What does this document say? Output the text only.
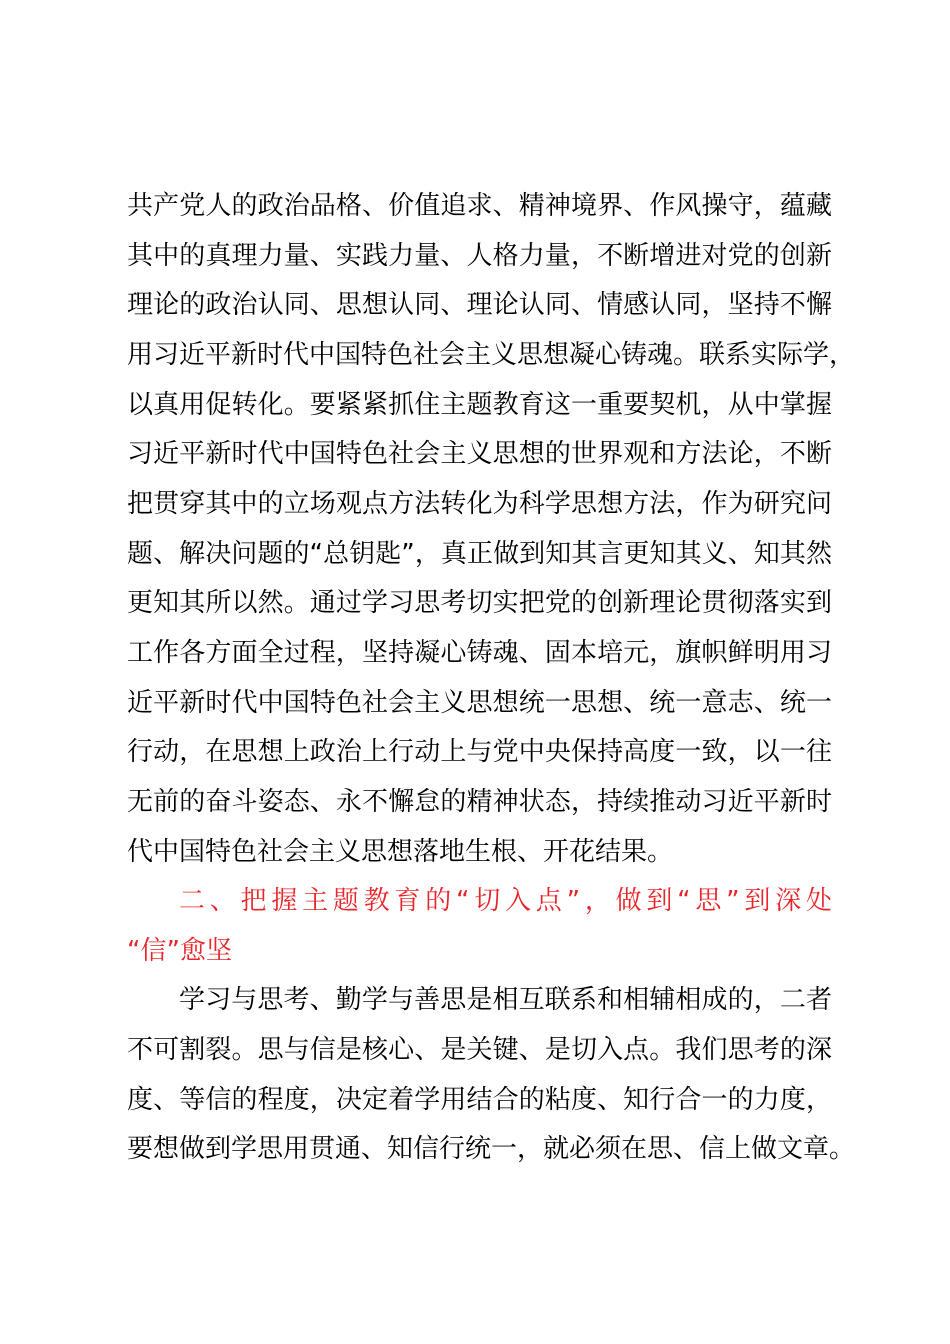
共产党人的政治品格、价值追求、精神境界、作风操守，蕴藏
其中的真理力量、实践力量、人格力量，不断增进对党的创新
理论的政治认同、思想认同、理论认同、情感认同，坚持不懈
用习近平新时代中国特色社会主义思想凝心铸魂。联系实际学，
以真用促转化。要紧紧抓住主题教育这一重要契机，从中掌握
习近平新时代中国特色社会主义思想的世界观和方法论，不断
把贯穿其中的立场观点方法转化为科学思想方法，作为研究问
题、解决问题的“总钥匙”，真正做到知其言更知其义、知其然
更知其所以然。通过学习思考切实把党的创新理论贯彻落实到
工作各方面全过程，坚持凝心铸魂、固本培元，旗帜鲜明用习
近平新时代中国特色社会主义思想统一思想、统一意志、统一
行动，在思想上政治上行动上与党中央保持高度一致，以一往
无前的奋斗姿态、永不懈怠的精神状态，持续推动习近平新时
代中国特色社会主义思想落地生根、开花结果。
二、把握主题教育的“切入点”，做到“思”到深处
“信”愈坚
学习与思考、勤学与善思是相互联系和相辅相成的，二者
不可割裂。思与信是核心、是关键、是切入点。我们思考的深
度、等信的程度，决定着学用结合的粘度、知行合一的力度，
要想做到学思用贯通、知信行统一，就必须在思、信上做文章。
